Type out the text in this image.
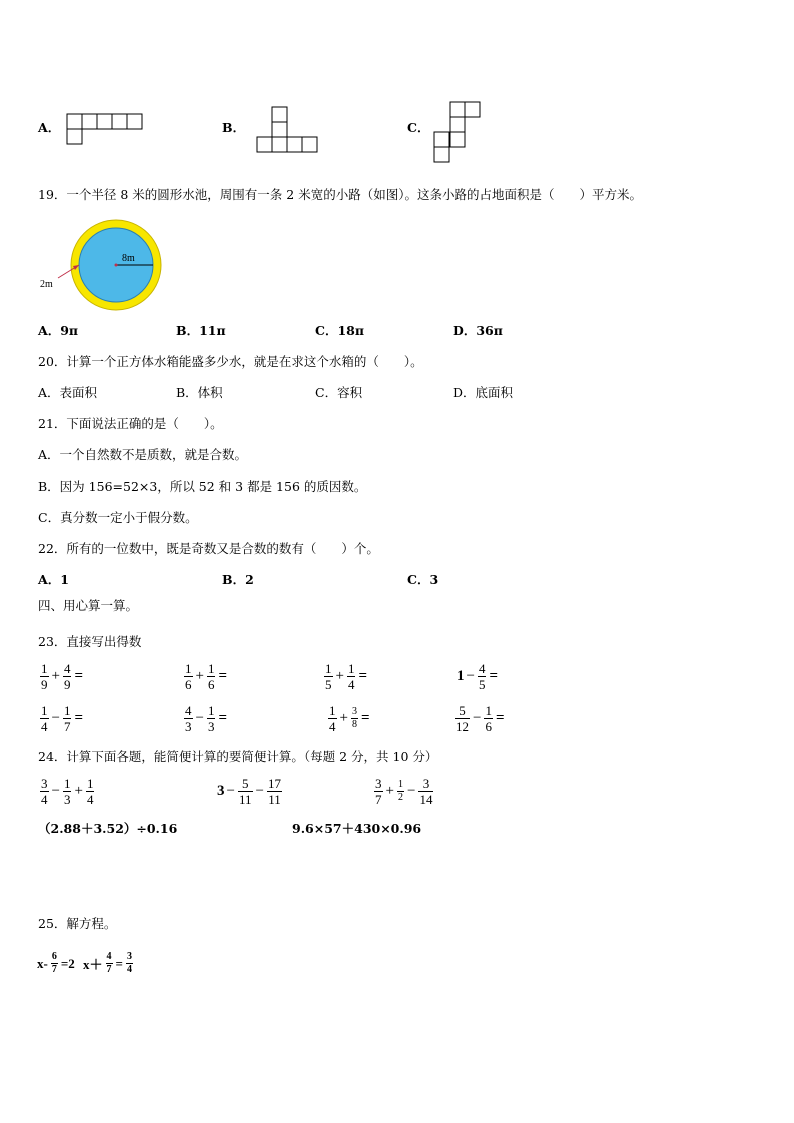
A．	B．	C．
19．一个半径 8 米的圆形水池，周围有一条 2 米宽的小路（如图）。这条小路的占地面积是（　　）平方米。
8m
2m
A．9π	B．11π	C．18π	D．36π
20．计算一个正方体水箱能盛多少水，就是在求这个水箱的（　　）。
A．表面积	B．体积	C．容积	D．底面积
21．下面说法正确的是（　　）。
A．一个自然数不是质数，就是合数。
B．因为 156=52×3，所以 52 和 3 都是 156 的质因数。
C．真分数一定小于假分数。
22．所有的一位数中，既是奇数又是合数的数有（　　）个。
A．1	B．2	C．3
四、用心算一算。
23．直接写出得数
$\frac{1}{9} + \frac{4}{9}$ =	$\frac{1}{6} + \frac{1}{6}$ =	$\frac{1}{5} + \frac{1}{4}$ =	$1 - \frac{4}{5}$ =
$\frac{1}{4} - \frac{1}{7}$ =	$\frac{4}{3} - \frac{1}{3}$ =	$\frac{1}{4} + \frac{3}{8}$ =	$\frac{5}{12} - \frac{1}{6}$ =
24．计算下面各题，能简便计算的要简便计算。（每题 2 分，共 10 分）
$\frac{3}{4} - \frac{1}{3} + \frac{1}{4}$	$3 - \frac{5}{11} - \frac{17}{11}$	$\frac{3}{7} + \frac{1}{2} - \frac{3}{14}$
（2.88＋3.52）÷0.16	9.6×57＋430×0.96
25．解方程。
$x- \frac{6}{7} =2$ $x+ \frac{4}{7} = \frac{3}{4}$
